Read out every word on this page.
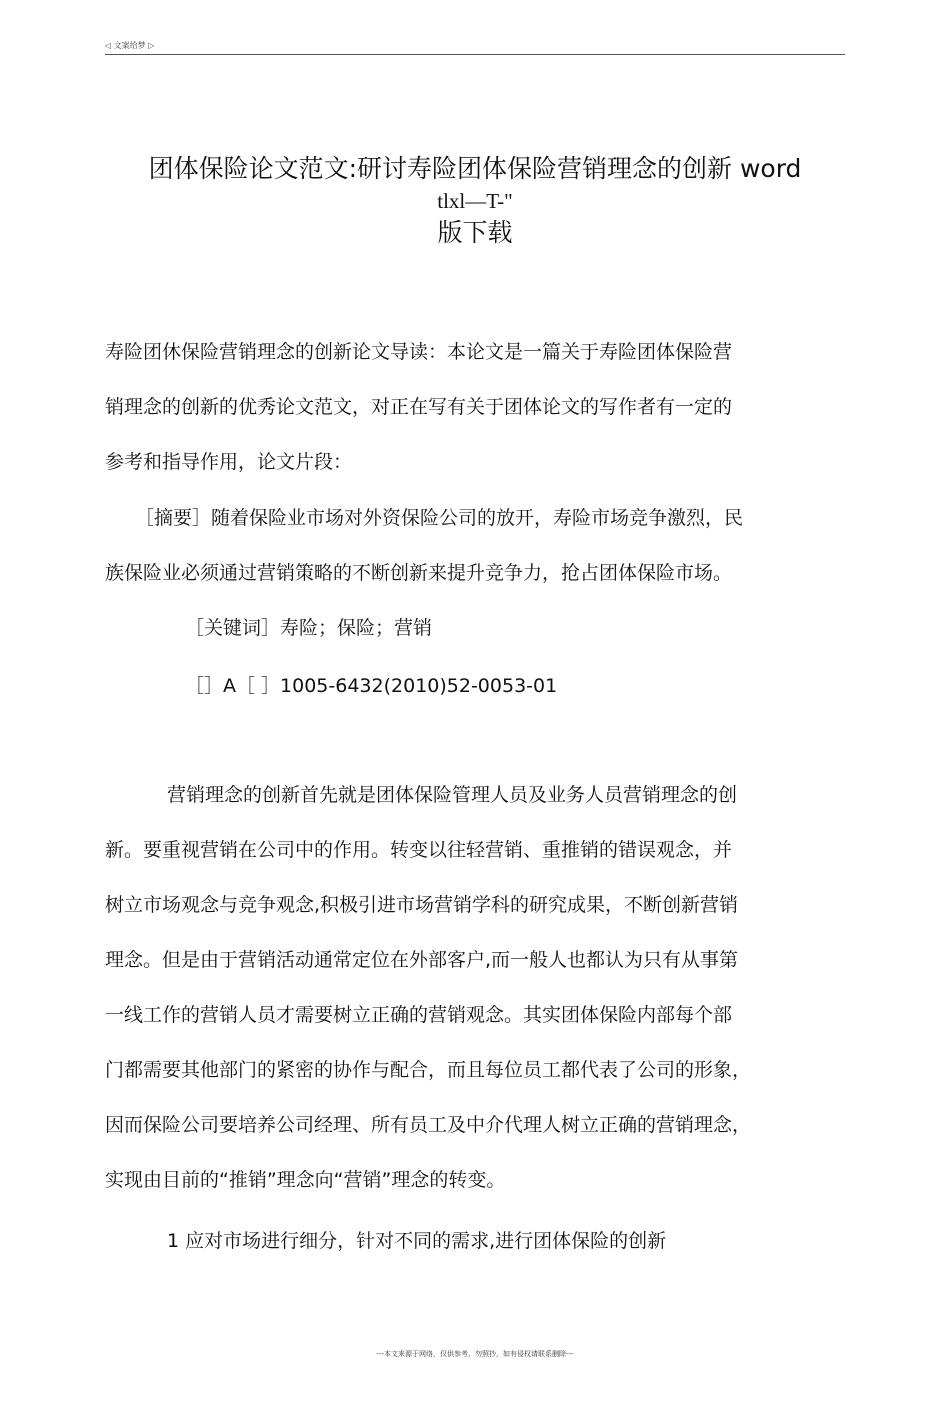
◁ 文案给梦 ▷
团体保险论文范文:研讨寿险团体保险营销理念的创新 word
tlxl—T-"
版下载
寿险团休保险营销理念的创新论文导读：本论文是一篇关于寿险团体保险营
销理念的创新的优秀论文范文，对正在写有关于团体论文的写作者有一定的
参考和指导作用，论文片段：
［摘要］随着保险业市场对外资保险公司的放开，寿险市场竞争激烈，民
族保险业必须通过营销策略的不断创新来提升竞争力，抢占团体保险市场。
［关键词］寿险；保险；营销
［］A［ ］1005-6432(2010)52-0053-01
营销理念的创新首先就是团体保险管理人员及业务人员营销理念的创
新。要重视营销在公司中的作用。转变以往轻营销、重推销的错误观念，并
树立市场观念与竞争观念,积极引进市场营销学科的研究成果，不断创新营销
理念。但是由于营销活动通常定位在外部客户,而一般人也都认为只有从事第
一线工作的营销人员才需要树立正确的营销观念。其实团体保险内部每个部
门都需要其他部门的紧密的协作与配合，而且每位员工都代表了公司的形象，
因而保险公司要培养公司经理、所有员工及中介代理人树立正确的营销理念，
实现由目前的“推销”理念向“营销”理念的转变。
1 应对市场进行细分，针对不同的需求,进行团体保险的创新
---本文来源于网络，仅供参考，勿照抄，如有侵权请联系删除---
